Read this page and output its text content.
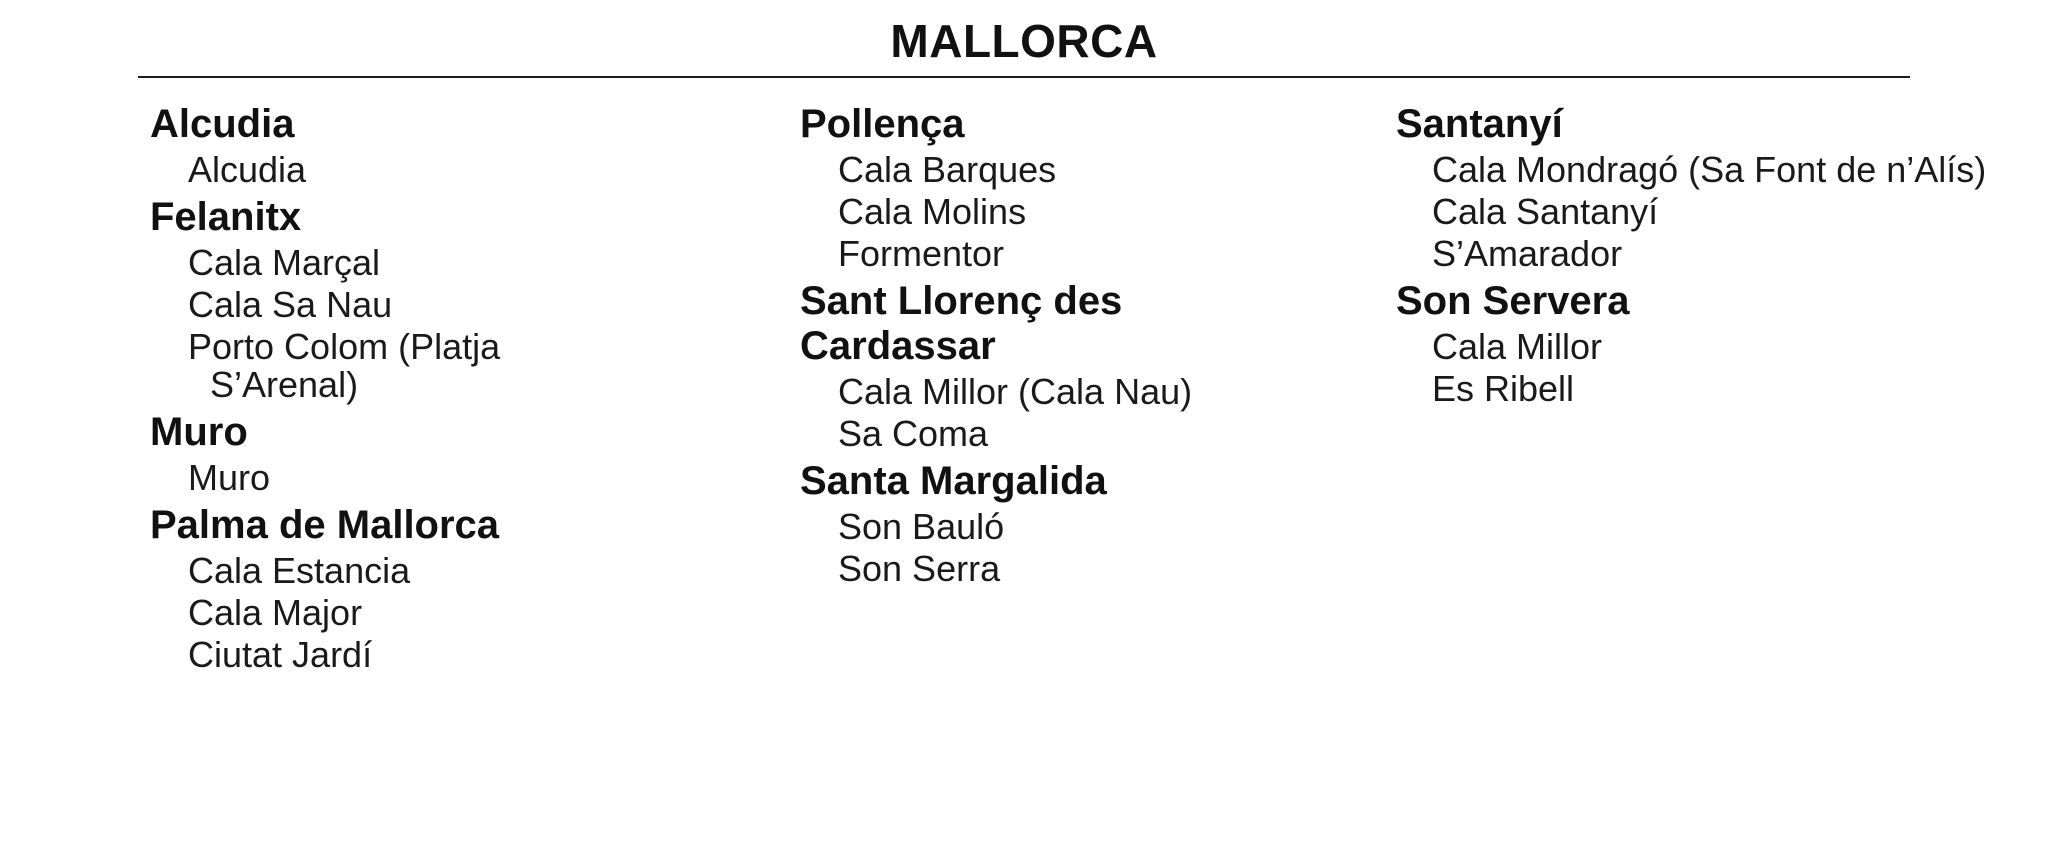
MALLORCA
Alcudia
Alcudia
Felanitx
Cala Marçal
Cala Sa Nau
Porto Colom (Platja S’Arenal)
Muro
Muro
Palma de Mallorca
Cala Estancia
Cala Major
Ciutat Jardí
Pollença
Cala Barques
Cala Molins
Formentor
Sant Llorenç des Cardassar
Cala Millor (Cala Nau)
Sa Coma
Santa Margalida
Son Bauló
Son Serra
Santanyí
Cala Mondragó (Sa Font de n’Alís)
Cala Santanyí
S’Amarador
Son Servera
Cala Millor
Es Ribell
